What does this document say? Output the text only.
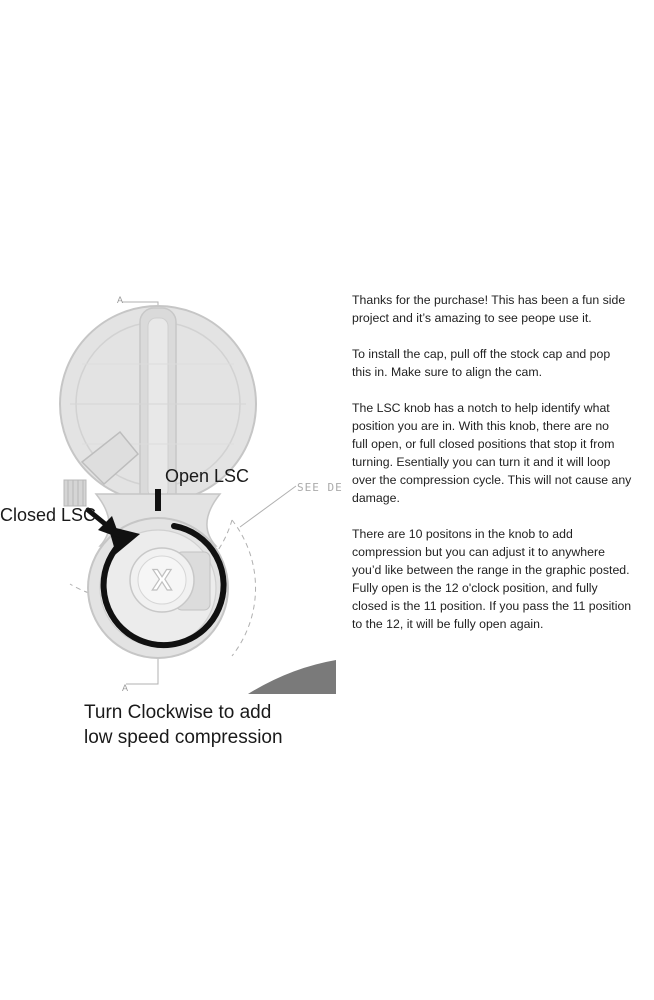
X
Open LSC
Closed LSC
SEE DE
A
A
Turn Clockwise to add
low speed compression

Thanks for the purchase! This has been a fun side
project and it’s amazing to see peope use it.

To install the cap, pull off the stock cap and pop
this in. Make sure to align the cam.

The LSC knob has a notch to help identify what
position you are in. With this knob, there are no
full open, or full closed positions that stop it from
turning. Esentially you can turn it and it will loop
over the compression cycle. This will not cause any
damage.

There are 10 positons in the knob to add
compression but you can adjust it to anywhere
you’d like between the range in the graphic posted.
Fully open is the 12 o'clock position, and fully
closed is the 11 position. If you pass the 11 position
to the 12, it will be fully open again.
